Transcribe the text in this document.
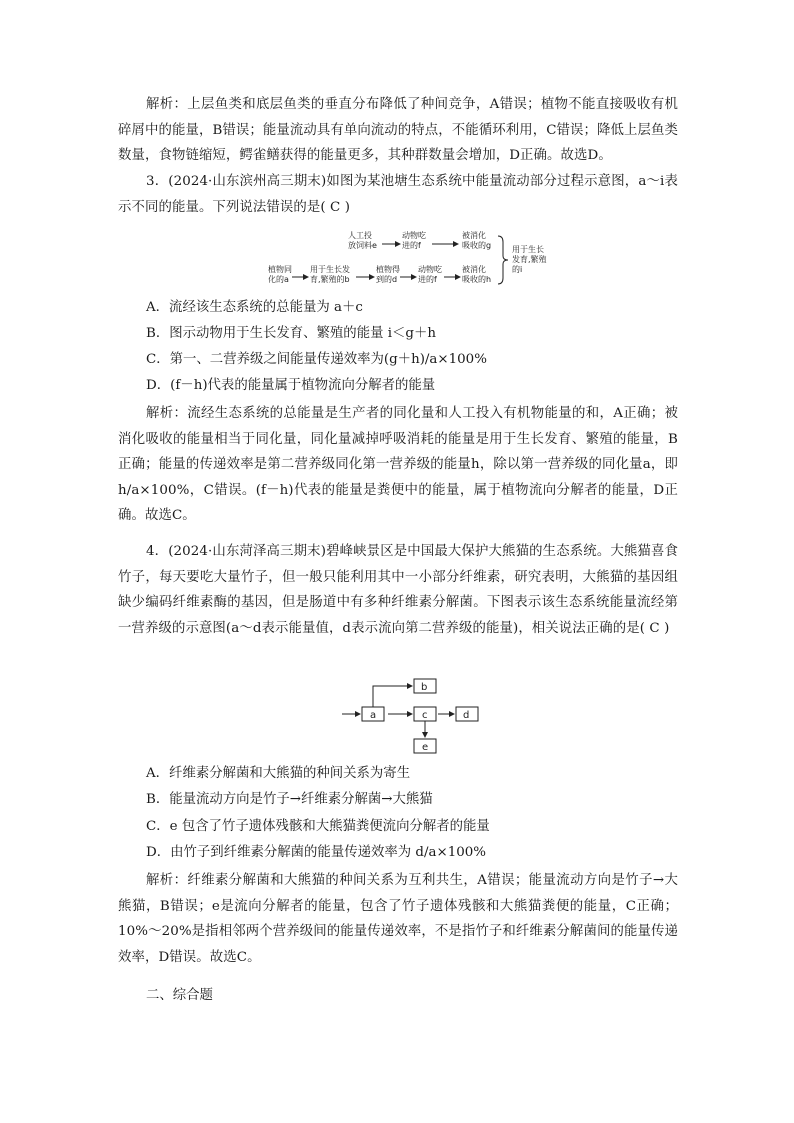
解析：上层鱼类和底层鱼类的垂直分布降低了种间竞争，A错误；植物不能直接吸收有机碎屑中的能量，B错误；能量流动具有单向流动的特点，不能循环利用，C错误；降低上层鱼类数量，食物链缩短，鳄雀鳝获得的能量更多，其种群数量会增加，D正确。故选D。

3．(2024·山东滨州高三期末)如图为某池塘生态系统中能量流动部分过程示意图，a～i表示不同的能量。下列说法错误的是( C )

人工投
放饲料e
动物吃
进的f
被消化
吸收的g
植物同
化的a
用于生长发
育,繁殖的b
植物得
到的d
动物吃
进的f
被消化
吸收的h
用于生长
发育,繁殖
的i

A．流经该生态系统的总能量为 a＋c

B．图示动物用于生长发育、繁殖的能量 i＜g＋h

C．第一、二营养级之间能量传递效率为(g＋h)/a×100%

D．(f－h)代表的能量属于植物流向分解者的能量

解析：流经生态系统的总能量是生产者的同化量和人工投入有机物能量的和，A正确；被消化吸收的能量相当于同化量，同化量减掉呼吸消耗的能量是用于生长发育、繁殖的能量，B正确；能量的传递效率是第二营养级同化第一营养级的能量h，除以第一营养级的同化量a，即h/a×100%，C错误。(f－h)代表的能量是粪便中的能量，属于植物流向分解者的能量，D正确。故选C。

4．(2024·山东菏泽高三期末)碧峰峡景区是中国最大保护大熊猫的生态系统。大熊猫喜食竹子，每天要吃大量竹子，但一般只能利用其中一小部分纤维素，研究表明，大熊猫的基因组缺少编码纤维素酶的基因，但是肠道中有多种纤维素分解菌。下图表示该生态系统能量流经第一营养级的示意图(a～d表示能量值，d表示流向第二营养级的能量)，相关说法正确的是( C )

a
b
c	d
e

A．纤维素分解菌和大熊猫的种间关系为寄生

B．能量流动方向是竹子→纤维素分解菌→大熊猫

C．e 包含了竹子遗体残骸和大熊猫粪便流向分解者的能量

D．由竹子到纤维素分解菌的能量传递效率为 d/a×100%

解析：纤维素分解菌和大熊猫的种间关系为互利共生，A错误；能量流动方向是竹子→大熊猫，B错误；e是流向分解者的能量，包含了竹子遗体残骸和大熊猫粪便的能量，C正确；10%～20%是指相邻两个营养级间的能量传递效率，不是指竹子和纤维素分解菌间的能量传递效率，D错误。故选C。

二、综合题
